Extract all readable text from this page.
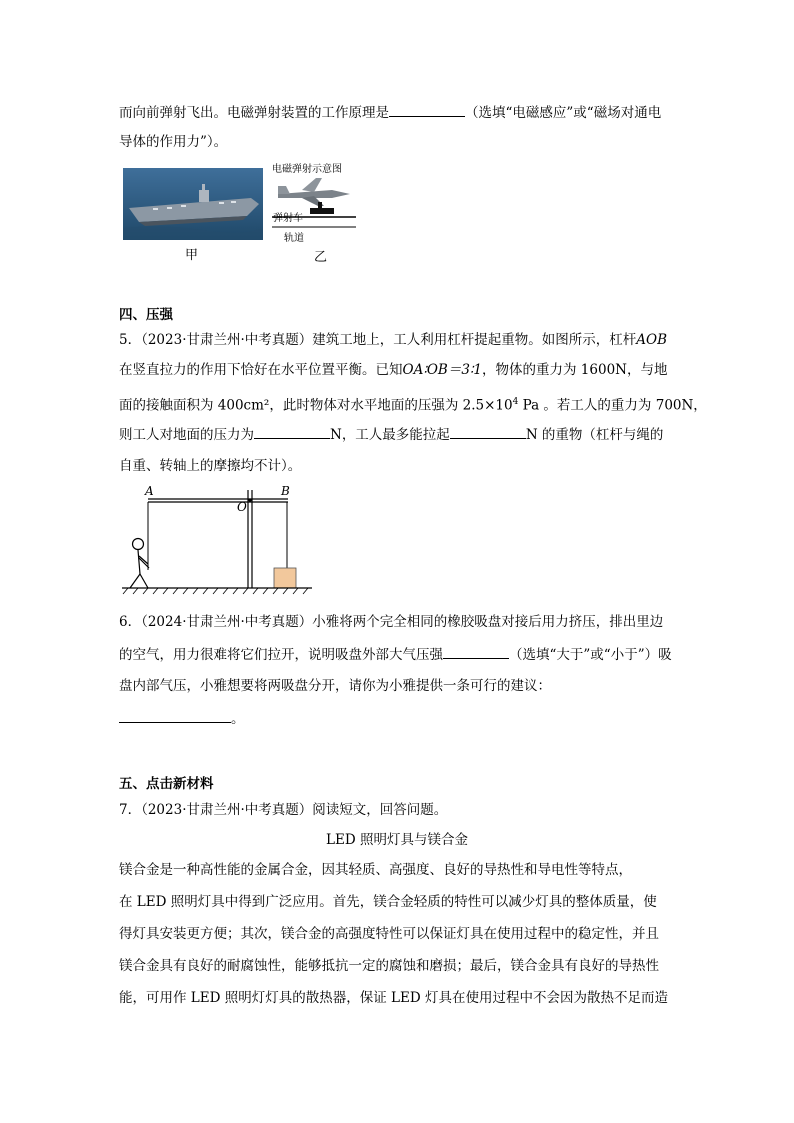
而向前弹射飞出。电磁弹射装置的工作原理是	（选填“电磁感应”或“磁场对通电
导体的作用力”）。
甲
电磁弹射示意图
弹射车
轨道
乙
四、压强
5．（2023·甘肃兰州·中考真题）建筑工地上，工人利用杠杆提起重物。如图所示，杠杆AOB
在竖直拉力的作用下恰好在水平位置平衡。已知OA∶OB＝3∶1，物体的重力为 1600N，与地
面的接触面积为 400cm²，此时物体对水平地面的压强为 $2.5\times 10^4$ Pa 。若工人的重力为 700N，
则工人对地面的压力为	N，工人最多能拉起	N 的重物（杠杆与绳的
自重、转轴上的摩擦均不计）。
A
O
B
6．（2024·甘肃兰州·中考真题）小雅将两个完全相同的橡胶吸盘对接后用力挤压，排出里边
的空气，用力很难将它们拉开，说明吸盘外部大气压强	（选填“大于”或“小于”）吸
盘内部气压，小雅想要将两吸盘分开，请你为小雅提供一条可行的建议：
。
五、点击新材料
7．（2023·甘肃兰州·中考真题）阅读短文，回答问题。
LED 照明灯具与镁合金
镁合金是一种高性能的金属合金，因其轻质、高强度、良好的导热性和导电性等特点，
在 LED 照明灯具中得到广泛应用。首先，镁合金轻质的特性可以减少灯具的整体质量，使
得灯具安装更方便；其次，镁合金的高强度特性可以保证灯具在使用过程中的稳定性，并且
镁合金具有良好的耐腐蚀性，能够抵抗一定的腐蚀和磨损；最后，镁合金具有良好的导热性
能，可用作 LED 照明灯灯具的散热器，保证 LED 灯具在使用过程中不会因为散热不足而造
